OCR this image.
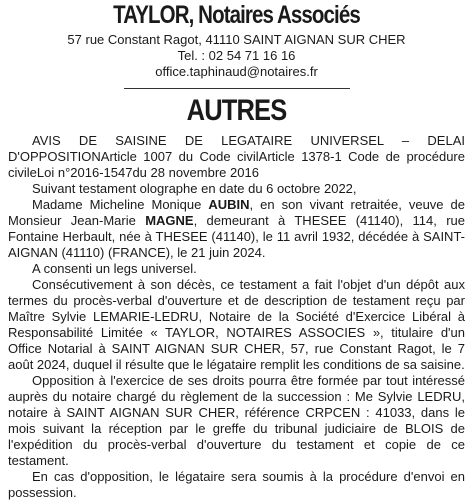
TAYLOR, Notaires Associés
57 rue Constant Ragot, 41110 SAINT AIGNAN SUR CHER
Tel. : 02 54 71 16 16
office.taphinaud@notaires.fr
AUTRES

AVIS DE SAISINE DE LEGATAIRE UNIVERSEL – DELAI D'OPPOSITIONArticle 1007 du Code civilArticle 1378-1 Code de procédure civileLoi n°2016-1547du 28 novembre 2016

Suivant testament olographe en date du 6 octobre 2022,

Madame Micheline Monique AUBIN, en son vivant retraitée, veuve de Monsieur Jean-Marie MAGNE, demeurant à THESEE (41140), 114, rue Fontaine Herbault, née à THESEE (41140), le 11 avril 1932, décédée à SAINT-AIGNAN (41110) (FRANCE), le 21 juin 2024.

A consenti un legs universel.

Consécutivement à son décès, ce testament a fait l'objet d'un dépôt aux termes du procès-verbal d'ouverture et de description de testament reçu par Maître Sylvie LEMARIE-LEDRU, Notaire de la Société d'Exercice Libéral à Responsabilité Limitée « TAYLOR, NOTAIRES ASSOCIES », titulaire d'un Office Notarial à SAINT AIGNAN SUR CHER, 57, rue Constant Ragot, le 7 août 2024, duquel il résulte que le légataire remplit les conditions de sa saisine.

Opposition à l'exercice de ses droits pourra être formée par tout intéressé auprès du notaire chargé du règlement de la succession : Me Sylvie LEDRU, notaire à SAINT AIGNAN SUR CHER, référence CRPCEN : 41033, dans le mois suivant la réception par le greffe du tribunal judiciaire de BLOIS de l'expédition du procès-verbal d'ouverture du testament et copie de ce testament.

En cas d'opposition, le légataire sera soumis à la procédure d'envoi en possession.
